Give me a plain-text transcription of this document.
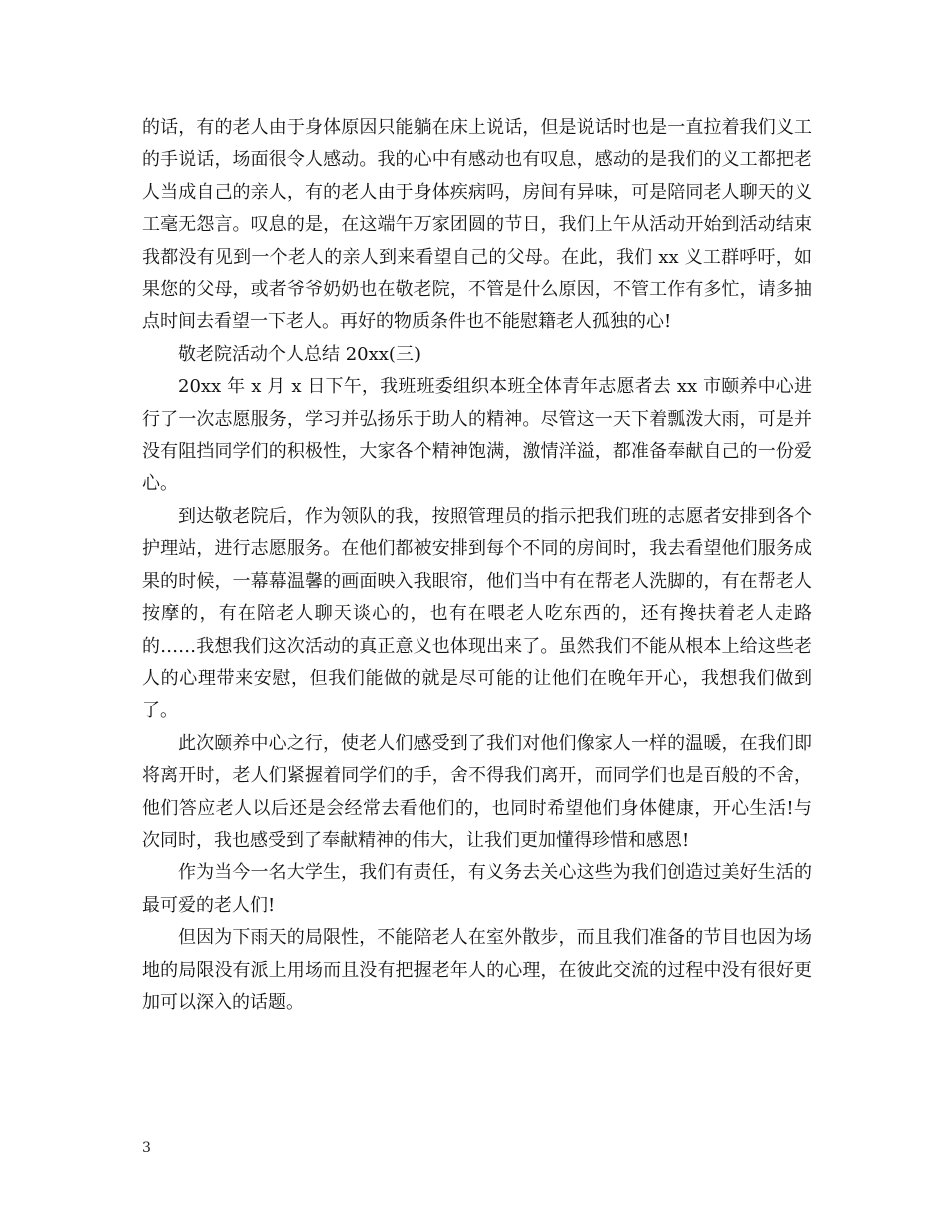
的话，有的老人由于身体原因只能躺在床上说话，但是说话时也是一直拉着我们义工的手说话，场面很令人感动。我的心中有感动也有叹息，感动的是我们的义工都把老人当成自己的亲人，有的老人由于身体疾病吗，房间有异味，可是陪同老人聊天的义工毫无怨言。叹息的是，在这端午万家团圆的节日，我们上午从活动开始到活动结束我都没有见到一个老人的亲人到来看望自己的父母。在此，我们 xx 义工群呼吁，如果您的父母，或者爷爷奶奶也在敬老院，不管是什么原因，不管工作有多忙，请多抽点时间去看望一下老人。再好的物质条件也不能慰籍老人孤独的心!

敬老院活动个人总结 20xx(三)

20xx 年 x 月 x 日下午，我班班委组织本班全体青年志愿者去 xx 市颐养中心进行了一次志愿服务，学习并弘扬乐于助人的精神。尽管这一天下着瓢泼大雨，可是并没有阻挡同学们的积极性，大家各个精神饱满，激情洋溢，都准备奉献自己的一份爱心。

到达敬老院后，作为领队的我，按照管理员的指示把我们班的志愿者安排到各个护理站，进行志愿服务。在他们都被安排到每个不同的房间时，我去看望他们服务成果的时候，一幕幕温馨的画面映入我眼帘，他们当中有在帮老人洗脚的，有在帮老人按摩的，有在陪老人聊天谈心的，也有在喂老人吃东西的，还有搀扶着老人走路的……我想我们这次活动的真正意义也体现出来了。虽然我们不能从根本上给这些老人的心理带来安慰，但我们能做的就是尽可能的让他们在晚年开心，我想我们做到了。

此次颐养中心之行，使老人们感受到了我们对他们像家人一样的温暖，在我们即将离开时，老人们紧握着同学们的手，舍不得我们离开，而同学们也是百般的不舍，他们答应老人以后还是会经常去看他们的，也同时希望他们身体健康，开心生活!与次同时，我也感受到了奉献精神的伟大，让我们更加懂得珍惜和感恩!

作为当今一名大学生，我们有责任，有义务去关心这些为我们创造过美好生活的最可爱的老人们!

但因为下雨天的局限性，不能陪老人在室外散步，而且我们准备的节目也因为场地的局限没有派上用场而且没有把握老年人的心理，在彼此交流的过程中没有很好更加可以深入的话题。

3
